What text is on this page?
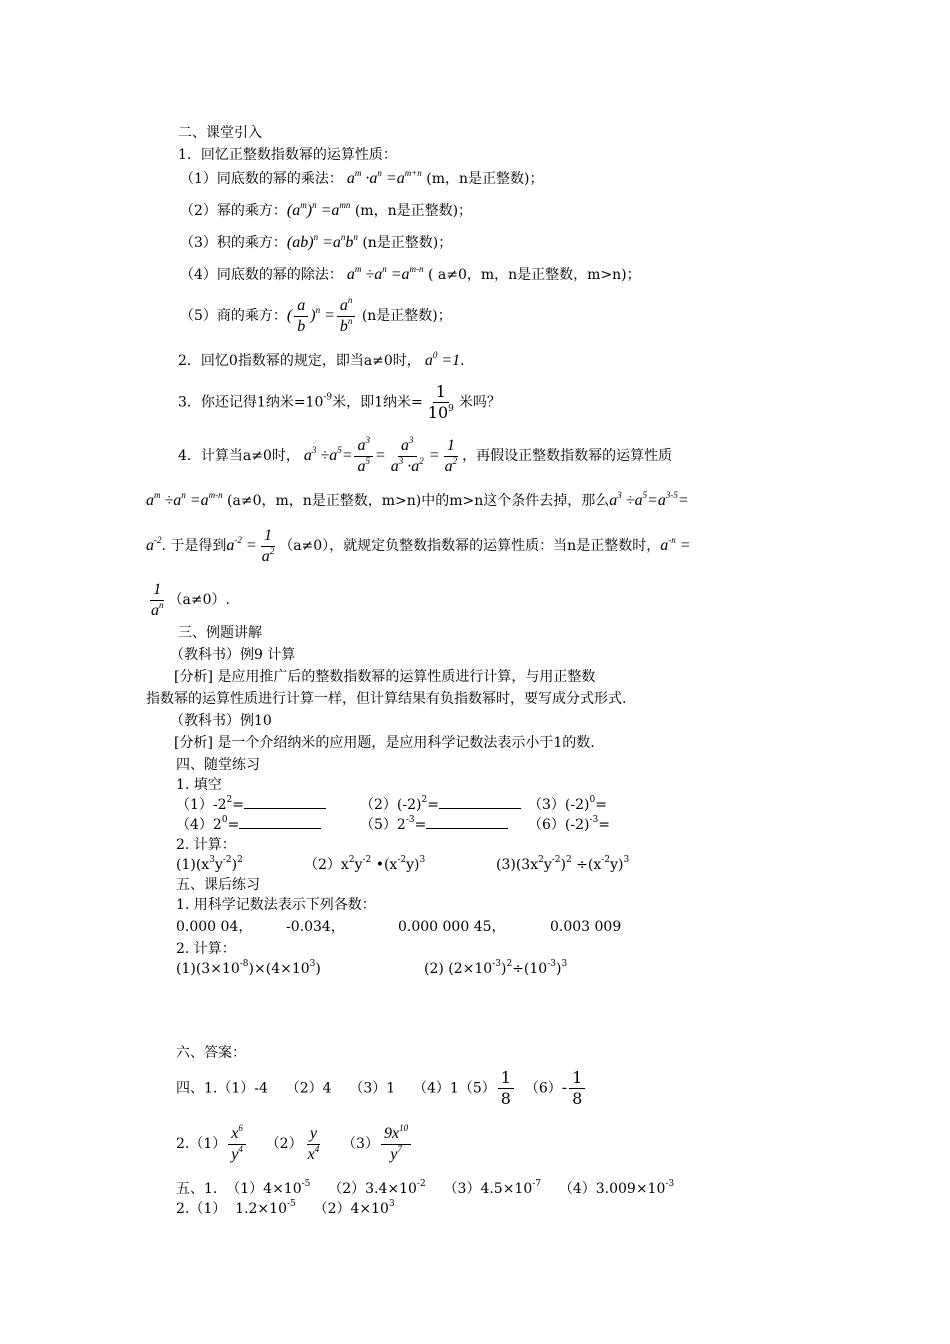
二、课堂引入
1．回忆正整数指数幂的运算性质：
（1）同底数的幂的乘法： $a^m \cdot a^n =a^{m+n}$ (m，n是正整数)；
（2）幂的乘方：$(a^m)^n =a^{mn}$ (m，n是正整数)；
（3）积的乘方：$(ab)^n =a^nb^n$ (n是正整数)；
（4）同底数的幂的除法： $a^m \div a^n =a^{m-n}$ ( a≠0，m，n是正整数，m>n)；
（5）商的乘方：( $\frac{a}{b} )^n = \frac{a^n}{b^n} (n$是正整数)；
2．回忆0指数幂的规定，即当a≠0时， $a^0 =1$.
3．你还记得1纳米$=10^{-9}$米，即1纳米= $\frac{1}{10^9}$ 米吗？
4．计算当a≠0时， $a^3 \div a^5= \frac{a^3}{a^5} = \frac{a^3}{a^3 \cdot a^2} = \frac{1}{a^2}$ ，再假设正整数指数幂的运算性质
$a^m \div a^n =a^{m-n}$ (a≠0，m，n是正整数，m>n)中的m>n这个条件去掉，那么$a^3 \div a^5=a^{3-5}=$
$a^{-2}$. 于是得到$a^{-2} = \frac{1}{a^2} (a\ne 0)$，就规定负整数指数幂的运算性质：当n是正整数时，$a^{-n}$ =
$\frac{1}{a^n} (a\ne 0)$.
三、例题讲解
（教科书）例9 计算
[分析] 是应用推广后的整数指数幂的运算性质进行计算，与用正整数
指数幂的运算性质进行计算一样，但计算结果有负指数幂时，要写成分式形式.
（教科书）例10
[分析] 是一个介绍纳米的应用题，是应用科学记数法表示小于1的数.
四、随堂练习
1. 填空
$(1)-2^2=$	$(2)(-2)^2=$	$(3)(-2)^0=$
$(4)2^0=$	$(5)2^{-3}=$	$(6)(-2)^{-3}=$
2. 计算：
$(1)(x^3y^{-2})^2$	$(2)x^2y^{-2}$ $•(x^{-2}y)^3$	$(3)(3x^2y^{-2})^2 \div(x^{-2}y)^3$
五、课后练习
1. 用科学记数法表示下列各数：
0.000 04， -0.034，	0.000 000 45，	0.003 009
2. 计算：
$(1)(3\times 10^{-8})\times(4\times 10^3)$	(2) $(2\times 10^{-3})^2\div(10^{-3})^3$
六、答案：
四、1.（1）-4 （2）4 （3）1 $(4)1(5) \frac{1}{8} (6)- \frac{1}{8}$
$2.(1) \frac{x^6}{y^4} (2) \frac{y}{x^4} (3) \frac{9x^{10}}{y^7}$
五、1. $(1)4\times 10^{-5}$ $(2)3.4\times 10^{-2}$ $(3)4.5\times 10^{-7}$ $(4)3.009\times 10^{-3}$
2.（1） $1.2\times 10^{-5}$ $(2)4\times 10^3$
